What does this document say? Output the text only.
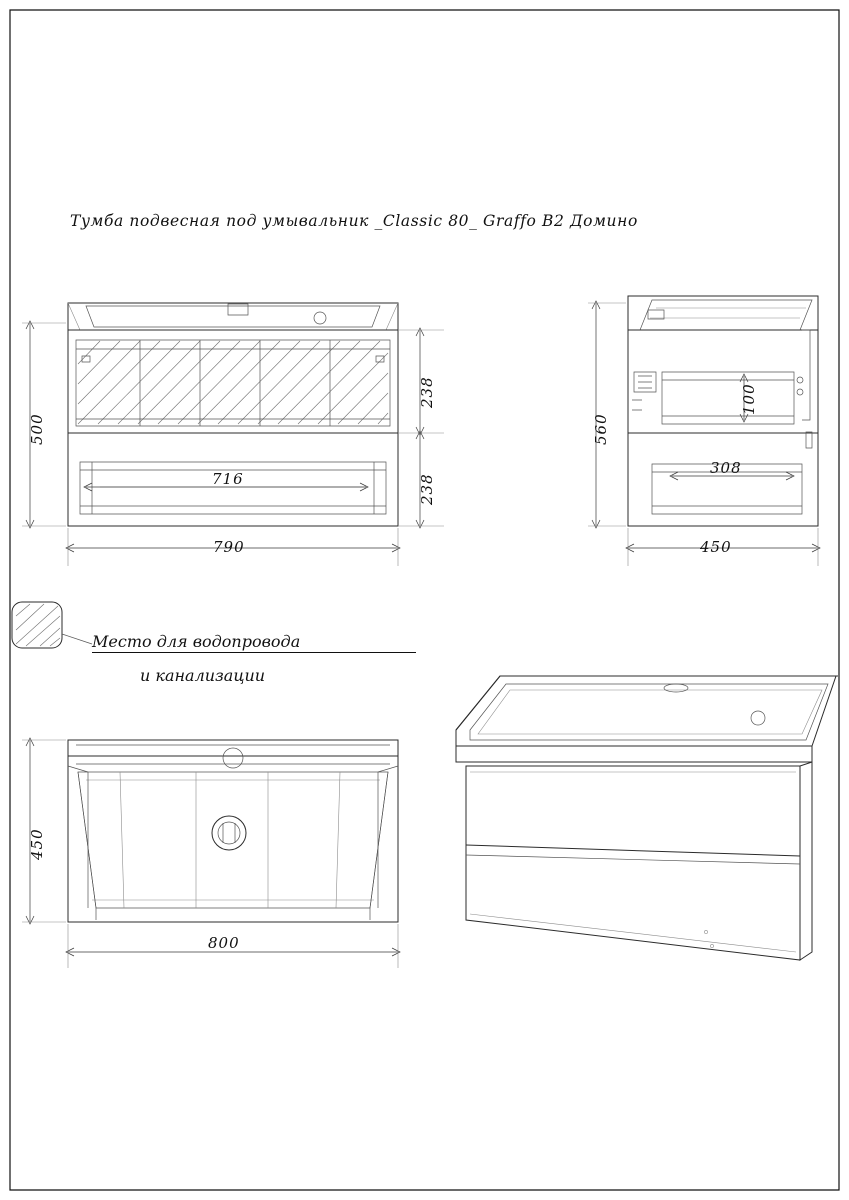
Тумба подвесная под умывальник _Classic 80_ Graffo B2 Домино
500
238
238
716
790
560
100
308
450
450
800
Место для водопровода
и канализации
